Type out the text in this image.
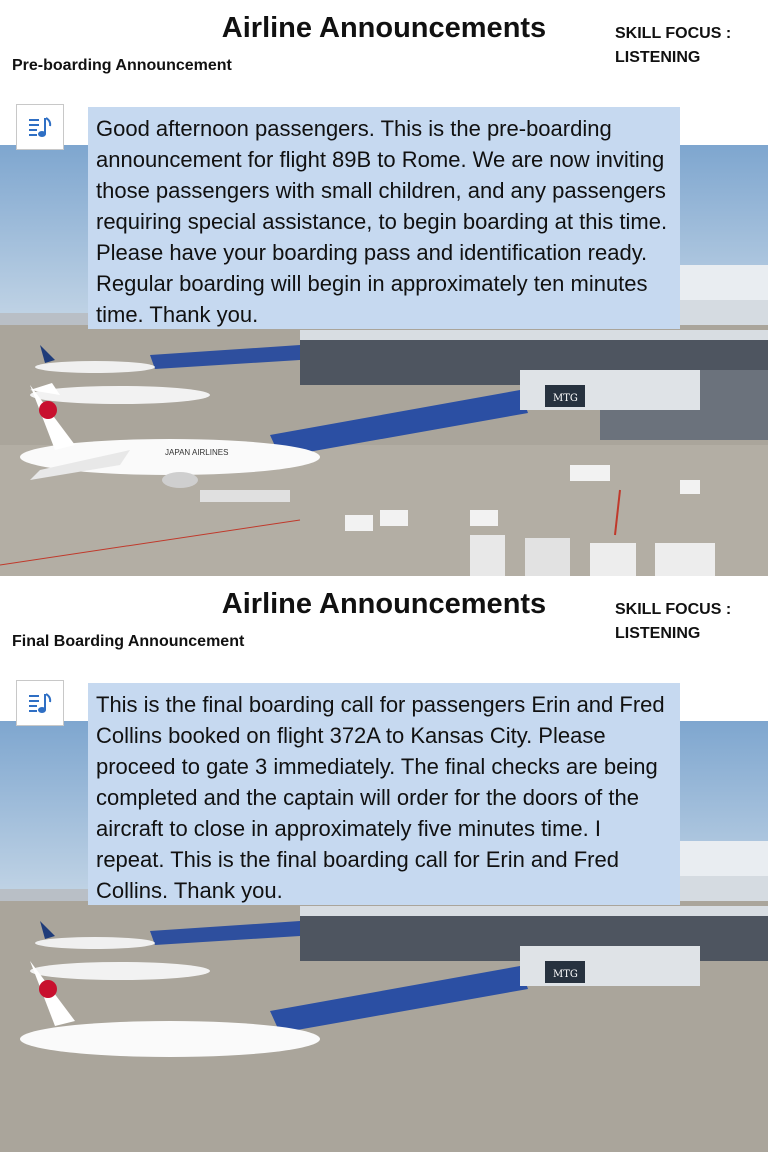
MTG
JAPAN AIRLINES
Airline Announcements	SKILL FOCUS :
LISTENING
Pre-boarding Announcement
Good afternoon passengers. This is the pre-boarding announcement for flight 89B to Rome. We are now inviting those passengers with small children, and any passengers requiring special assistance, to begin boarding at this time. Please have your boarding pass and identification ready. Regular boarding will begin in approximately ten minutes time. Thank you.
MTG
Airline Announcements	SKILL FOCUS :
LISTENING
Final Boarding Announcement
This is the final boarding call for passengers Erin and Fred Collins booked on flight 372A to Kansas City. Please proceed to gate 3 immediately. The final checks are being completed and the captain will order for the doors of the aircraft to close in approximately five minutes time. I repeat. This is the final boarding call for Erin and Fred Collins. Thank you.
